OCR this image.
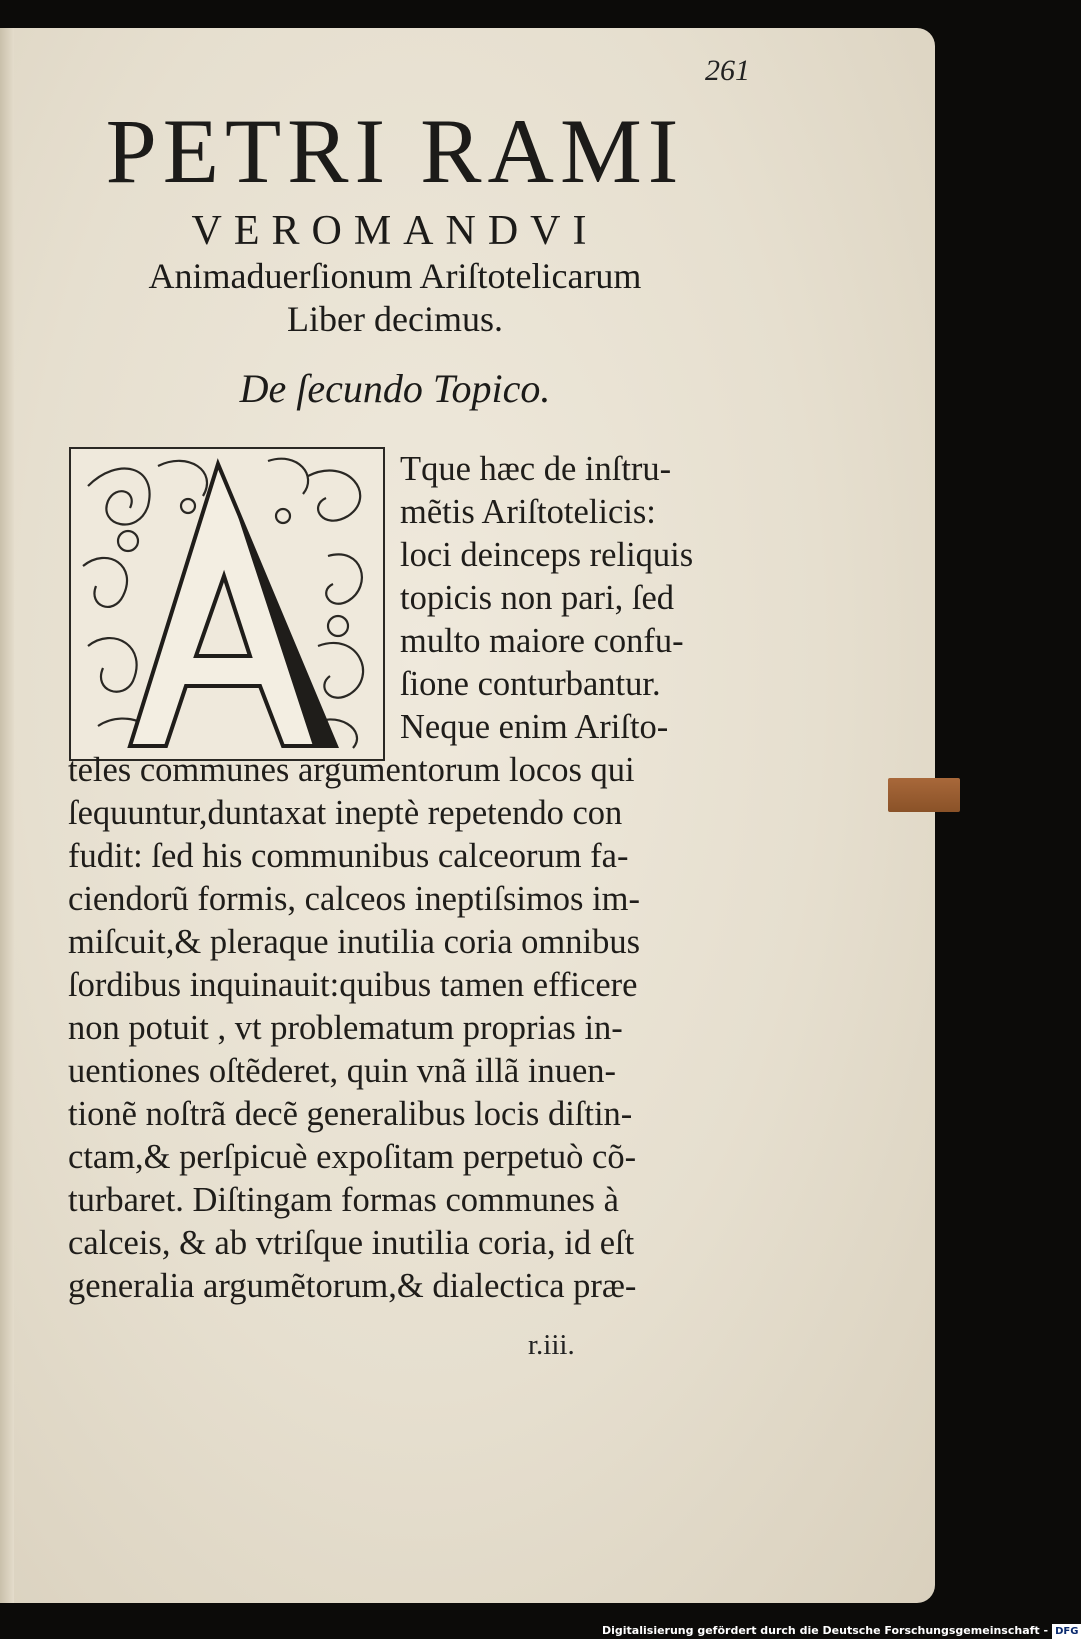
261
PETRI RAMI
VEROMANDVI
Animaduerſionum Ariſtotelicarum
Liber decimus.
De ſecundo Topico.
Tque hæc de inſtru-
mẽtis Ariſtotelicis:
loci deinceps reliquis
topicis non pari, ſed
multo maiore confu-
ſione conturbantur.
Neque enim Ariſto-
teles communes argumentorum locos qui
ſequuntur,duntaxat ineptè repetendo con
fudit: ſed his communibus calceorum fa-
ciendorũ formis, calceos ineptiſsimos im-
miſcuit,& pleraque inutilia coria omnibus
ſordibus inquinauit:quibus tamen efficere
non potuit , vt problematum proprias in-
uentiones oſtẽderet, quin vnã illã inuen-
tionẽ noſtrã decẽ generalibus locis diſtin-
ctam,& perſpicuè expoſitam perpetuò cõ-
turbaret. Diſtingam formas communes à
calceis, & ab vtriſque inutilia coria, id eſt
generalia argumẽtorum,& dialectica præ-
r.iii.
Digitalisierung gefördert durch die Deutsche Forschungsgemeinschaft - DFG
